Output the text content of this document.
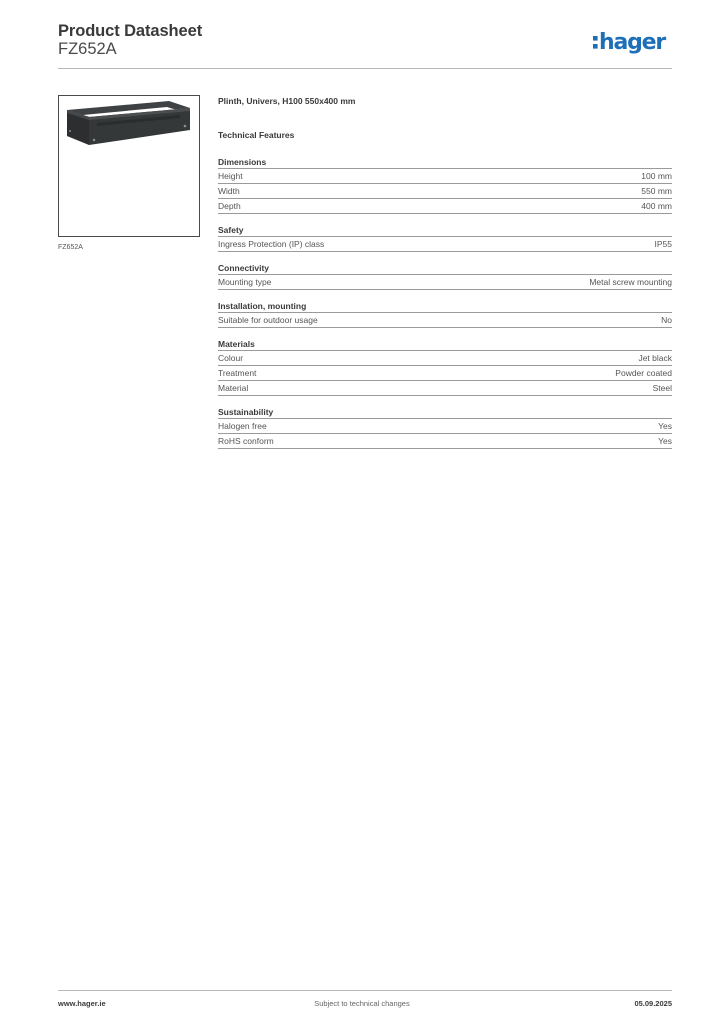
Product Datasheet
FZ652A	hager
FZ652A
Plinth, Univers, H100 550x400 mm
Technical Features
Dimensions
Height	100 mm
Width	550 mm
Depth	400 mm
Safety
Ingress Protection (IP) class	IP55
Connectivity
Mounting type	Metal screw mounting
Installation, mounting
Suitable for outdoor usage	No
Materials
Colour	Jet black
Treatment	Powder coated
Material	Steel
Sustainability
Halogen free	Yes
RoHS conform	Yes
www.hager.ie	Subject to technical changes	05.09.2025
